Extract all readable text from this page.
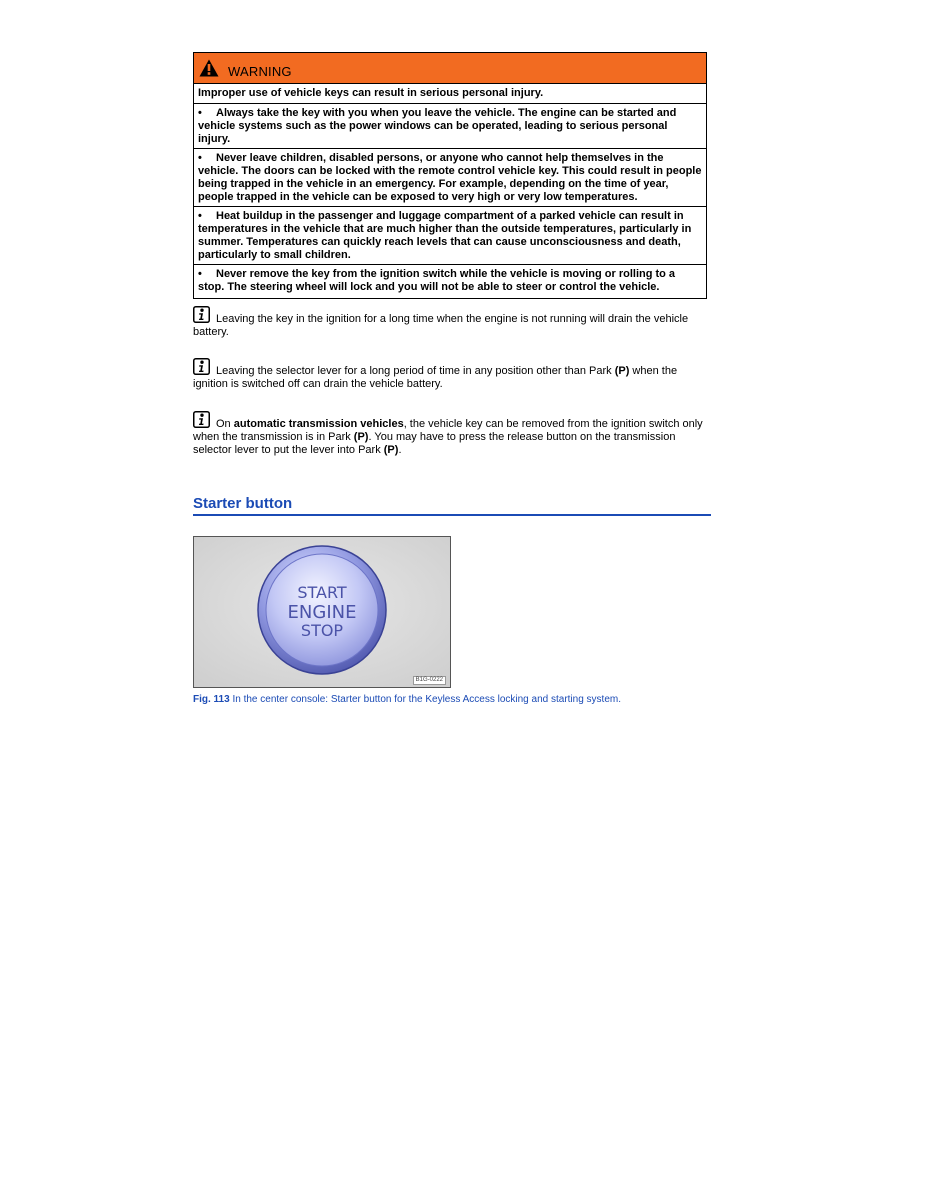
WARNING
Improper use of vehicle keys can result in serious personal injury.
• Always take the key with you when you leave the vehicle. The engine can be started and vehicle systems such as the power windows can be operated, leading to serious personal injury.
• Never leave children, disabled persons, or anyone who cannot help themselves in the vehicle. The doors can be locked with the remote control vehicle key. This could result in people being trapped in the vehicle in an emergency. For example, depending on the time of year, people trapped in the vehicle can be exposed to very high or very low temperatures.
• Heat buildup in the passenger and luggage compartment of a parked vehicle can result in temperatures in the vehicle that are much higher than the outside temperatures, particularly in summer. Temperatures can quickly reach levels that can cause unconsciousness and death, particularly to small children.
• Never remove the key from the ignition switch while the vehicle is moving or rolling to a stop. The steering wheel will lock and you will not be able to steer or control the vehicle.
Leaving the key in the ignition for a long time when the engine is not running will drain the vehicle battery.
Leaving the selector lever for a long period of time in any position other than Park (P) when the ignition is switched off can drain the vehicle battery.
On automatic transmission vehicles, the vehicle key can be removed from the ignition switch only when the transmission is in Park (P). You may have to press the release button on the transmission selector lever to put the lever into Park (P).
Starter button
START
ENGINE
STOP
B1G-0222
Fig. 113 In the center console: Starter button for the Keyless Access locking and starting system.
